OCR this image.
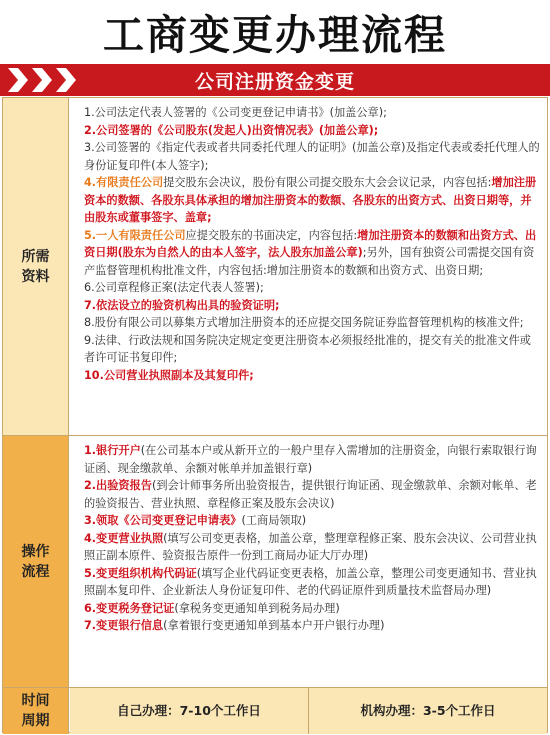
工商变更办理流程
公司注册资金变更
所需
资料
1.公司法定代表人签署的《公司变更登记申请书》(加盖公章);
2.公司签署的《公司股东(发起人)出资情况表》(加盖公章);
3.公司签署的《指定代表或者共同委托代理人的证明》(加盖公章)及指定代表或委托代理人的身份证复印件(本人签字);
4.有限责任公司提交股东会决议，股份有限公司提交股东大会会议记录，内容包括:增加注册资本的数额、各股东具体承担的增加注册资本的数额、各股东的出资方式、出资日期等，并由股东或董事签字、盖章;
5.一人有限责任公司应提交股东的书面决定，内容包括:增加注册资本的数额和出资方式、出资日期(股东为自然人的由本人签字，法人股东加盖公章);另外，国有独资公司需提交国有资产监督管理机构批准文件，内容包括:增加注册资本的数额和出资方式、出资日期;
6.公司章程修正案(法定代表人签署);
7.依法设立的验资机构出具的验资证明;
8.股份有限公司以募集方式增加注册资本的还应提交国务院证券监督管理机构的核准文件;
9.法律、行政法规和国务院决定规定变更注册资本必须报经批准的，提交有关的批准文件或者许可证书复印件;
10.公司营业执照副本及其复印件;
操作
流程
1.银行开户(在公司基本户或从新开立的一般户里存入需增加的注册资金，向银行索取银行询证函、现金缴款单、余额对帐单并加盖银行章)
2.出验资报告(到会计师事务所出验资报告，提供银行询证函、现金缴款单、余额对帐单、老的验资报告、营业执照、章程修正案及股东会决议)
3.领取《公司变更登记申请表》(工商局领取)
4.变更营业执照(填写公司变更表格，加盖公章，整理章程修正案、股东会决议、公司营业执照正副本原件、验资报告原件一份到工商局办证大厅办理)
5.变更组织机构代码证(填写企业代码证变更表格，加盖公章，整理公司变更通知书、营业执照副本复印件、企业新法人身份证复印件、老的代码证原件到质量技术监督局办理)
6.变更税务登记证(拿税务变更通知单到税务局办理)
7.变更银行信息(拿着银行变更通知单到基本户开户银行办理)
时间
周期
自己办理：7-10个工作日	机构办理：3-5个工作日
